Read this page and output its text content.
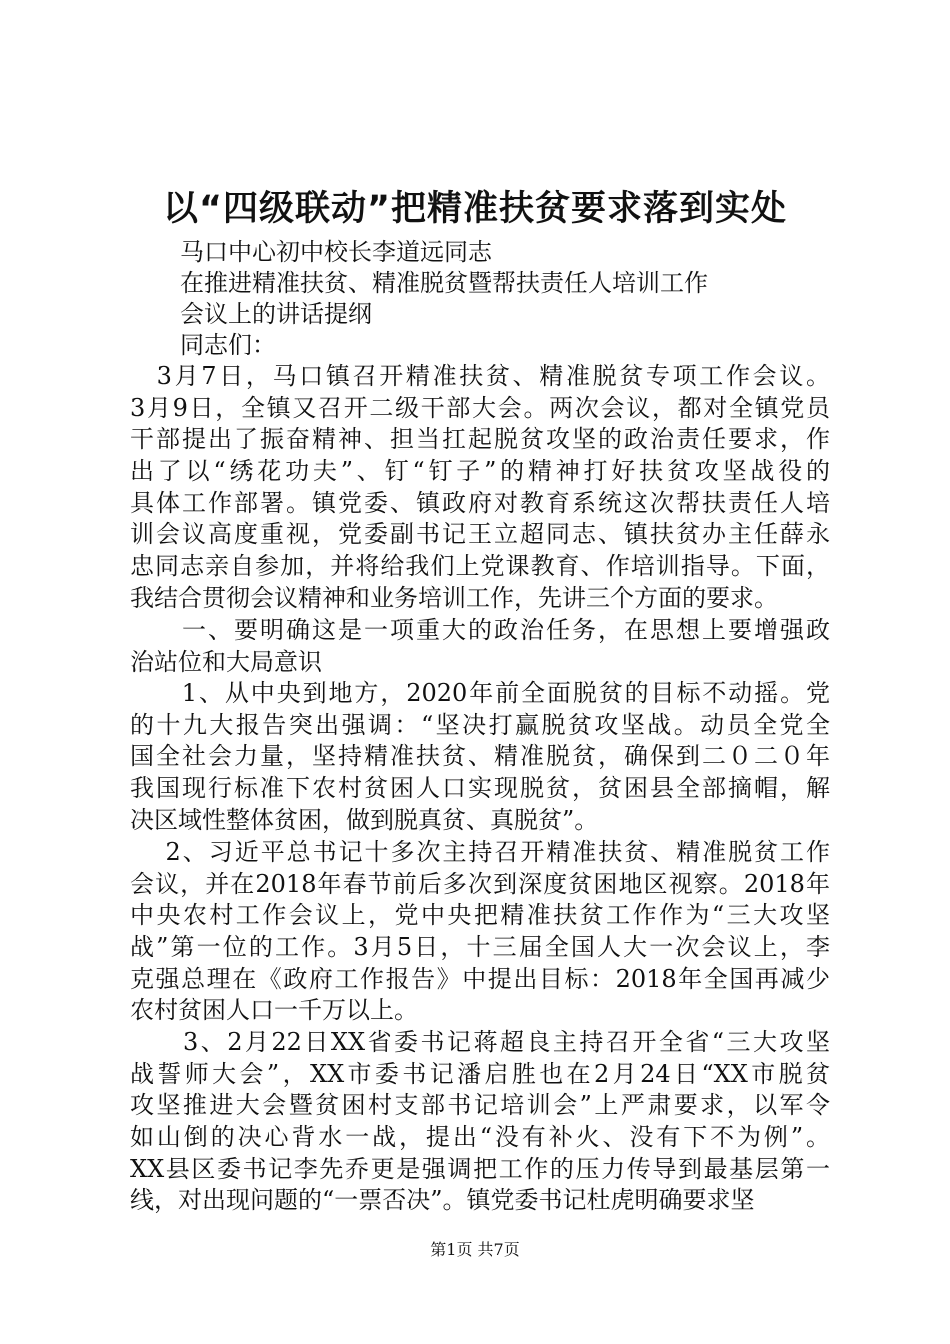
以“四级联动”把精准扶贫要求落到实处
马口中心初中校长李道远同志
在推进精准扶贫、精准脱贫暨帮扶责任人培训工作
会议上的讲话提纲
同志们：
　3月7日，马口镇召开精准扶贫、精准脱贫专项工作会议。
3月9日，全镇又召开二级干部大会。两次会议，都对全镇党员
干部提出了振奋精神、担当扛起脱贫攻坚的政治责任要求，作
出了以“绣花功夫”、钉“钉子”的精神打好扶贫攻坚战役的
具体工作部署。镇党委、镇政府对教育系统这次帮扶责任人培
训会议高度重视，党委副书记王立超同志、镇扶贫办主任薛永
忠同志亲自参加，并将给我们上党课教育、作培训指导。下面，
我结合贯彻会议精神和业务培训工作，先讲三个方面的要求。
　　一、要明确这是一项重大的政治任务，在思想上要增强政
治站位和大局意识
　　1、从中央到地方，2020年前全面脱贫的目标不动摇。党
的十九大报告突出强调：“坚决打赢脱贫攻坚战。动员全党全
国全社会力量，坚持精准扶贫、精准脱贫，确保到二０二０年
我国现行标准下农村贫困人口实现脱贫，贫困县全部摘帽，解
决区域性整体贫困，做到脱真贫、真脱贫”。
　 2、习近平总书记十多次主持召开精准扶贫、精准脱贫工作
会议，并在2018年春节前后多次到深度贫困地区视察。2018年
中央农村工作会议上，党中央把精准扶贫工作作为“三大攻坚
战”第一位的工作。3月5日，十三届全国人大一次会议上，李
克强总理在《政府工作报告》中提出目标：2018年全国再减少
农村贫困人口一千万以上。
　　3、2月22日XX省委书记蒋超良主持召开全省“三大攻坚
战誓师大会”，XX市委书记潘启胜也在2月24日“XX市脱贫
攻坚推进大会暨贫困村支部书记培训会”上严肃要求，以军令
如山倒的决心背水一战，提出“没有补火、没有下不为例”。
XX县区委书记李先乔更是强调把工作的压力传导到最基层第一
线，对出现问题的“一票否决”。镇党委书记杜虎明确要求坚
第1页 共7页
